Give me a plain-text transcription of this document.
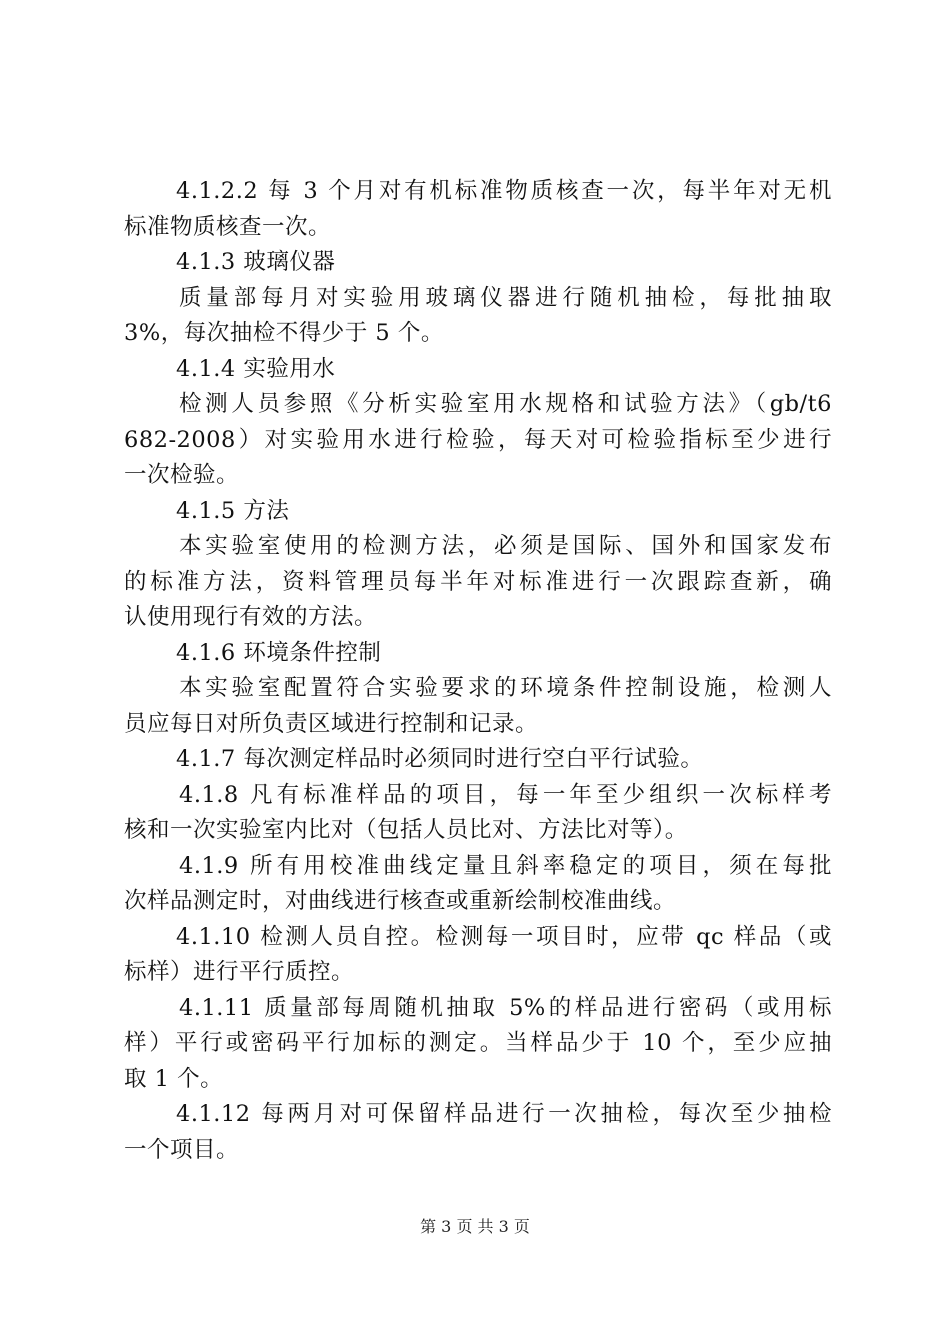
4.1.2.2 每 3 个月对有机标准物质核查一次，每半年对无机
标准物质核查一次。
4.1.3 玻璃仪器
质量部每月对实验用玻璃仪器进行随机抽检，每批抽取
3%，每次抽检不得少于 5 个。
4.1.4 实验用水
检测人员参照《分析实验室用水规格和试验方法》（gb/t6
682-2008）对实验用水进行检验，每天对可检验指标至少进行
一次检验。
4.1.5 方法
本实验室使用的检测方法，必须是国际、国外和国家发布
的标准方法，资料管理员每半年对标准进行一次跟踪查新，确
认使用现行有效的方法。
4.1.6 环境条件控制
本实验室配置符合实验要求的环境条件控制设施，检测人
员应每日对所负责区域进行控制和记录。
4.1.7 每次测定样品时必须同时进行空白平行试验。
4.1.8 凡有标准样品的项目，每一年至少组织一次标样考
核和一次实验室内比对（包括人员比对、方法比对等）。
4.1.9 所有用校准曲线定量且斜率稳定的项目，须在每批
次样品测定时，对曲线进行核查或重新绘制校准曲线。
4.1.10 检测人员自控。检测每一项目时，应带 qc 样品（或
标样）进行平行质控。
4.1.11 质量部每周随机抽取 5%的样品进行密码（或用标
样）平行或密码平行加标的测定。当样品少于 10 个，至少应抽
取 1 个。
4.1.12 每两月对可保留样品进行一次抽检，每次至少抽检
一个项目。
第 3 页 共 3 页
